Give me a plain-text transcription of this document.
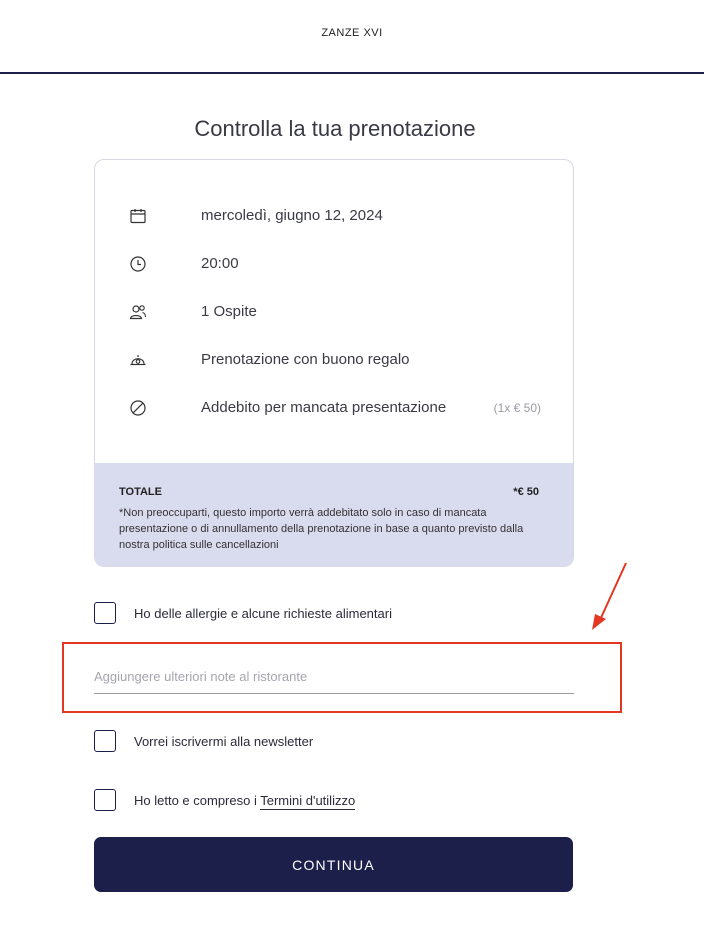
ZANZE XVI
Controlla la tua prenotazione
mercoledì, giugno 12, 2024
20:00
1 Ospite
Prenotazione con buono regalo
Addebito per mancata presentazione	(1x € 50)
TOTALE	*€ 50
*Non preoccuparti, questo importo verrà addebitato solo in caso di mancata presentazione o di annullamento della prenotazione in base a quanto previsto dalla nostra politica sulle cancellazioni
Ho delle allergie e alcune richieste alimentari
Aggiungere ulteriori note al ristorante
Vorrei iscrivermi alla newsletter
Ho letto e compreso i Termini d'utilizzo
CONTINUA
